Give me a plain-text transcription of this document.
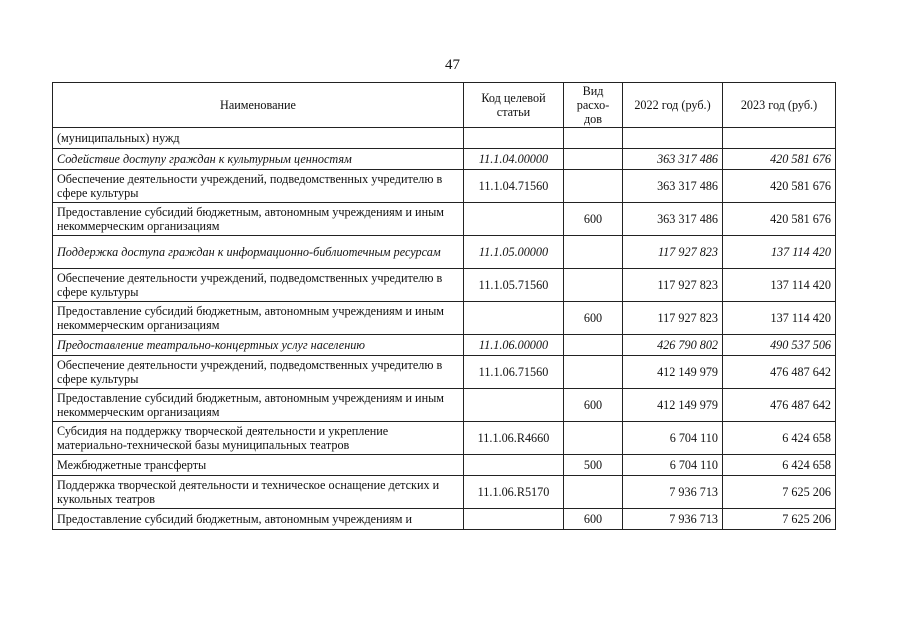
47
Наименование	Код целевой статьи	Вид расхо-дов	2022 год (руб.)	2023 год (руб.)
(муниципальных) нужд				
Содействие доступу граждан к культурным ценностям	11.1.04.00000		363 317 486	420 581 676
Обеспечение деятельности учреждений, подведомственных учредителю в сфере культуры	11.1.04.71560		363 317 486	420 581 676
Предоставление субсидий бюджетным, автономным учреждениям и иным некоммерческим организациям		600	363 317 486	420 581 676
Поддержка доступа граждан к информационно-библиотечным ресурсам	11.1.05.00000		117 927 823	137 114 420
Обеспечение деятельности учреждений, подведомственных учредителю в сфере культуры	11.1.05.71560		117 927 823	137 114 420
Предоставление субсидий бюджетным, автономным учреждениям и иным некоммерческим организациям		600	117 927 823	137 114 420
Предоставление театрально-концертных услуг населению	11.1.06.00000		426 790 802	490 537 506
Обеспечение деятельности учреждений, подведомственных учредителю в сфере культуры	11.1.06.71560		412 149 979	476 487 642
Предоставление субсидий бюджетным, автономным учреждениям и иным некоммерческим организациям		600	412 149 979	476 487 642
Субсидия на поддержку творческой деятельности и укрепление материально-технической базы муниципальных театров	11.1.06.R4660		6 704 110	6 424 658
Межбюджетные трансферты		500	6 704 110	6 424 658
Поддержка творческой деятельности и техническое оснащение детских и кукольных театров	11.1.06.R5170		7 936 713	7 625 206
Предоставление субсидий бюджетным, автономным учреждениям и		600	7 936 713	7 625 206
